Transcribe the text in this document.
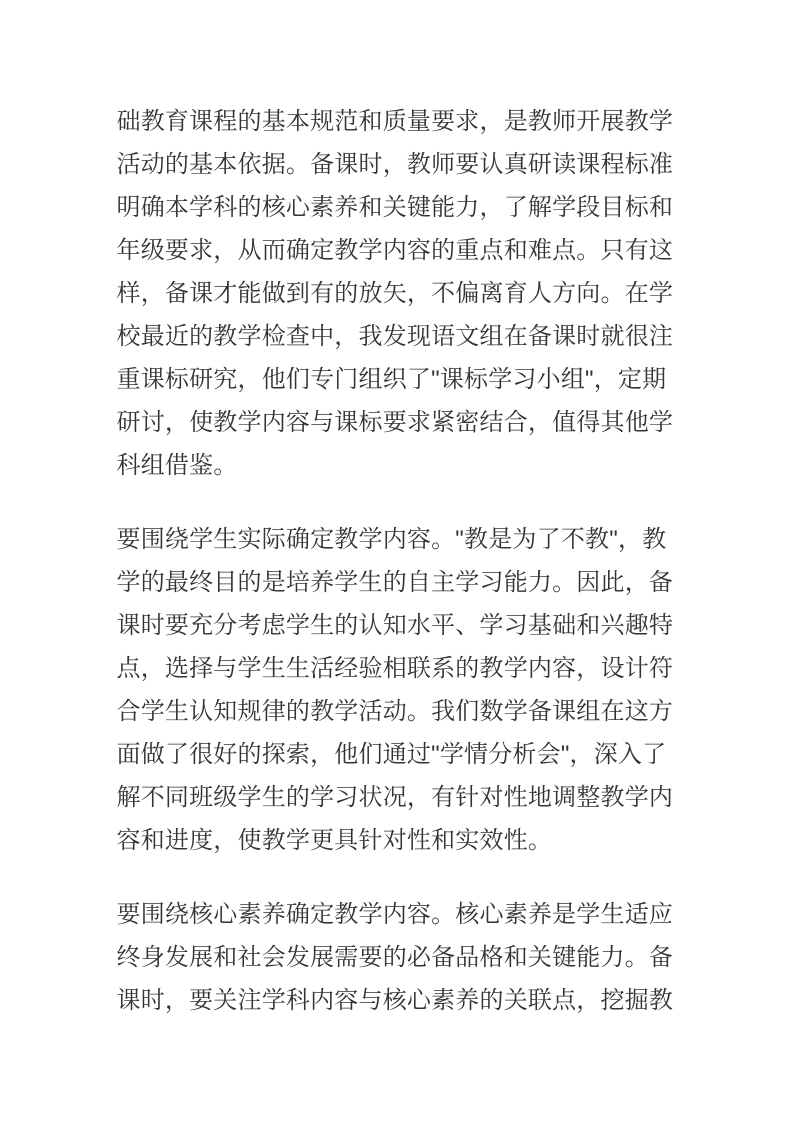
础教育课程的基本规范和质量要求，是教师开展教学
活动的基本依据。备课时，教师要认真研读课程标准
明确本学科的核心素养和关键能力，了解学段目标和
年级要求，从而确定教学内容的重点和难点。只有这
样，备课才能做到有的放矢，不偏离育人方向。在学
校最近的教学检查中，我发现语文组在备课时就很注
重课标研究，他们专门组织了"课标学习小组"，定期
研讨，使教学内容与课标要求紧密结合，值得其他学
科组借鉴。
要围绕学生实际确定教学内容。"教是为了不教"，教
学的最终目的是培养学生的自主学习能力。因此，备
课时要充分考虑学生的认知水平、学习基础和兴趣特
点，选择与学生生活经验相联系的教学内容，设计符
合学生认知规律的教学活动。我们数学备课组在这方
面做了很好的探索，他们通过"学情分析会"，深入了
解不同班级学生的学习状况，有针对性地调整教学内
容和进度，使教学更具针对性和实效性。
要围绕核心素养确定教学内容。核心素养是学生适应
终身发展和社会发展需要的必备品格和关键能力。备
课时，要关注学科内容与核心素养的关联点，挖掘教
